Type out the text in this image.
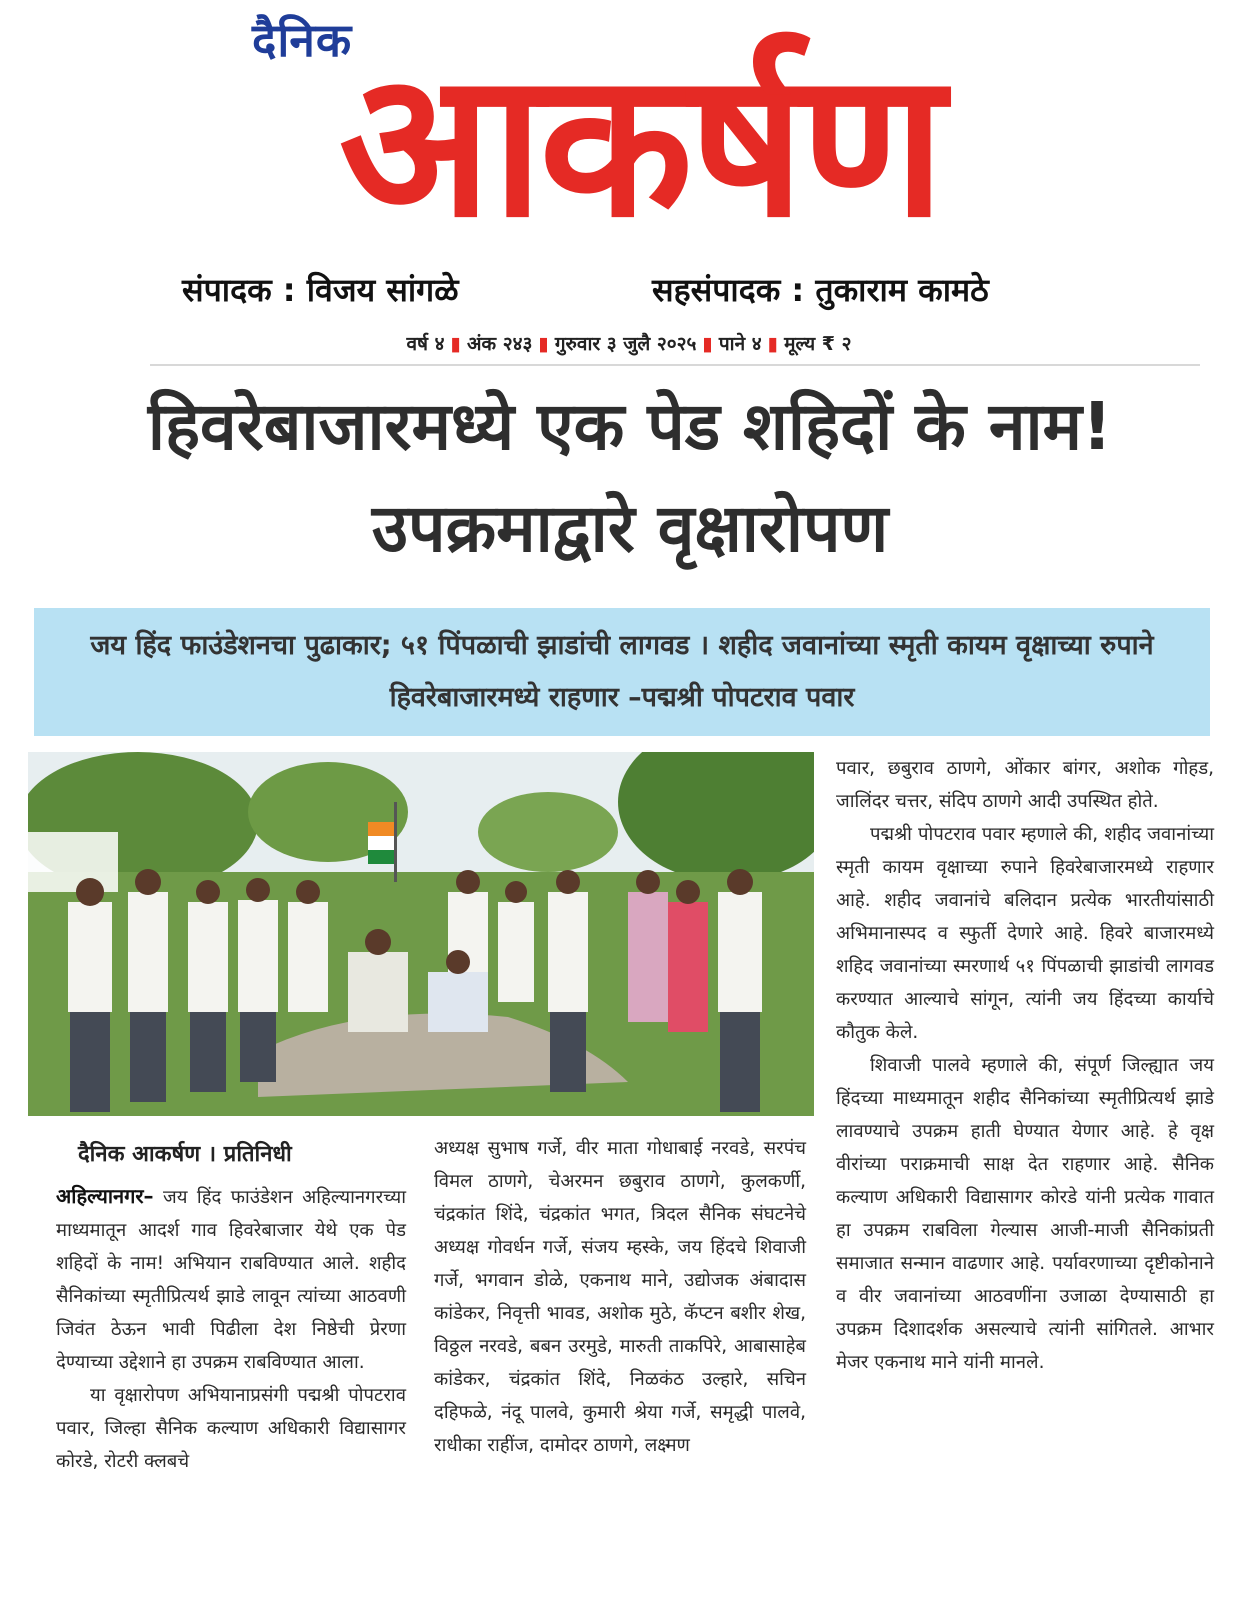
दैनिक
आकर्षण
संपादक : विजय सांगळे	सहसंपादक : तुकाराम कामठे
वर्ष ४ ▮ अंक २४३ ▮ गुरुवार ३ जुलै २०२५ ▮ पाने ४ ▮ मूल्य ₹ २
हिवरेबाजारमध्ये एक पेड शहिदों के नाम! उपक्रमाद्वारे वृक्षारोपण
जय हिंद फाउंडेशनचा पुढाकार; ५१ पिंपळाची झाडांची लागवड । शहीद जवानांच्या स्मृती कायम वृक्षाच्या रुपाने हिवरेबाजारमध्ये राहणार –पद्मश्री पोपटराव पवार
दैनिक आकर्षण । प्रतिनिधी

अहिल्यानगर– जय हिंद फाउंडेशन अहिल्यानगरच्या माध्यमातून आदर्श गाव हिवरेबाजार येथे एक पेड शहिदों के नाम! अभियान राबविण्यात आले. शहीद सैनिकांच्या स्मृतीप्रित्यर्थ झाडे लावून त्यांच्या आठवणी जिवंत ठेऊन भावी पिढीला देश निष्ठेची प्रेरणा देण्याच्या उद्देशाने हा उपक्रम राबविण्यात आला.

या वृक्षारोपण अभियानाप्रसंगी पद्मश्री पोपटराव पवार, जिल्हा सैनिक कल्याण अधिकारी विद्यासागर कोरडे, रोटरी क्लबचे

अध्यक्ष सुभाष गर्जे, वीर माता गोधाबाई नरवडे, सरपंच विमल ठाणगे, चेअरमन छबुराव ठाणगे, कुलकर्णी, चंद्रकांत शिंदे, चंद्रकांत भगत, त्रिदल सैनिक संघटनेचे अध्यक्ष गोवर्धन गर्जे, संजय म्हस्के, जय हिंदचे शिवाजी गर्जे, भगवान डोळे, एकनाथ माने, उद्योजक अंबादास कांडेकर, निवृत्ती भावड, अशोक मुठे, कॅप्टन बशीर शेख, विठ्ठल नरवडे, बबन उरमुडे, मारुती ताकपिरे, आबासाहेब कांडेकर, चंद्रकांत शिंदे, निळकंठ उल्हारे, सचिन दहिफळे, नंदू पालवे, कुमारी श्रेया गर्जे, समृद्धी पालवे, राधीका राहींज, दामोदर ठाणगे, लक्ष्मण

पवार, छबुराव ठाणगे, ओंकार बांगर, अशोक गोहड, जालिंदर चत्तर, संदिप ठाणगे आदी उपस्थित होते.

पद्मश्री पोपटराव पवार म्हणाले की, शहीद जवानांच्या स्मृती कायम वृक्षाच्या रुपाने हिवरेबाजारमध्ये राहणार आहे. शहीद जवानांचे बलिदान प्रत्येक भारतीयांसाठी अभिमानास्पद व स्फुर्ती देणारे आहे. हिवरे बाजारमध्ये शहिद जवानांच्या स्मरणार्थ ५१ पिंपळाची झाडांची लागवड करण्यात आल्याचे सांगून, त्यांनी जय हिंदच्या कार्याचे कौतुक केले.

शिवाजी पालवे म्हणाले की, संपूर्ण जिल्ह्यात जय हिंदच्या माध्यमातून शहीद सैनिकांच्या स्मृतीप्रित्यर्थ झाडे लावण्याचे उपक्रम हाती घेण्यात येणार आहे. हे वृक्ष वीरांच्या पराक्रमाची साक्ष देत राहणार आहे. सैनिक कल्याण अधिकारी विद्यासागर कोरडे यांनी प्रत्येक गावात हा उपक्रम राबविला गेल्यास आजी-माजी सैनिकांप्रती समाजात सन्मान वाढणार आहे. पर्यावरणाच्या दृष्टीकोनाने व वीर जवानांच्या आठवणींना उजाळा देण्यासाठी हा उपक्रम दिशादर्शक असल्याचे त्यांनी सांगितले. आभार मेजर एकनाथ माने यांनी मानले.
